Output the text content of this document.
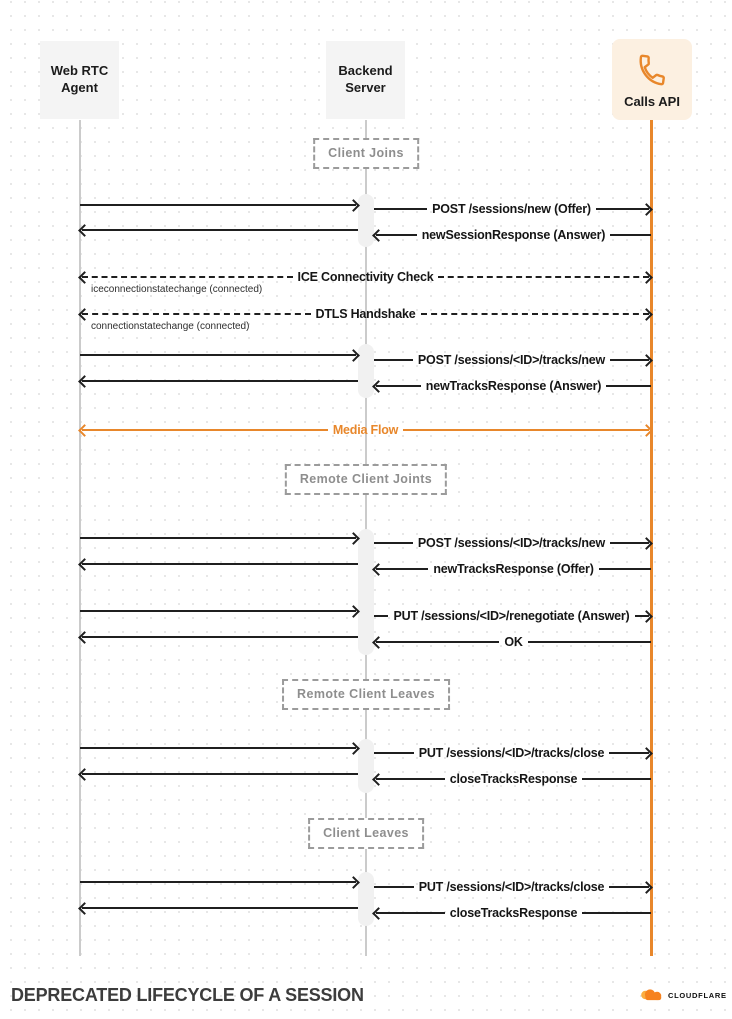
Web RTC Agent
Backend Server
Calls API
Client Joins
Remote Client Joints
Remote Client Leaves
Client Leaves
POST /sessions/new (Offer)
newSessionResponse (Answer)
ICE Connectivity Check
iceconnectionstatechange (connected)
DTLS Handshake
connectionstatechange (connected)
POST /sessions/<ID>/tracks/new
newTracksResponse (Answer)
Media Flow
POST /sessions/<ID>/tracks/new
newTracksResponse (Offer)
PUT /sessions/<ID>/renegotiate (Answer)
OK
PUT /sessions/<ID>/tracks/close
closeTracksResponse
PUT /sessions/<ID>/tracks/close
closeTracksResponse
DEPRECATED LIFECYCLE OF A SESSION	CLOUDFLARE
